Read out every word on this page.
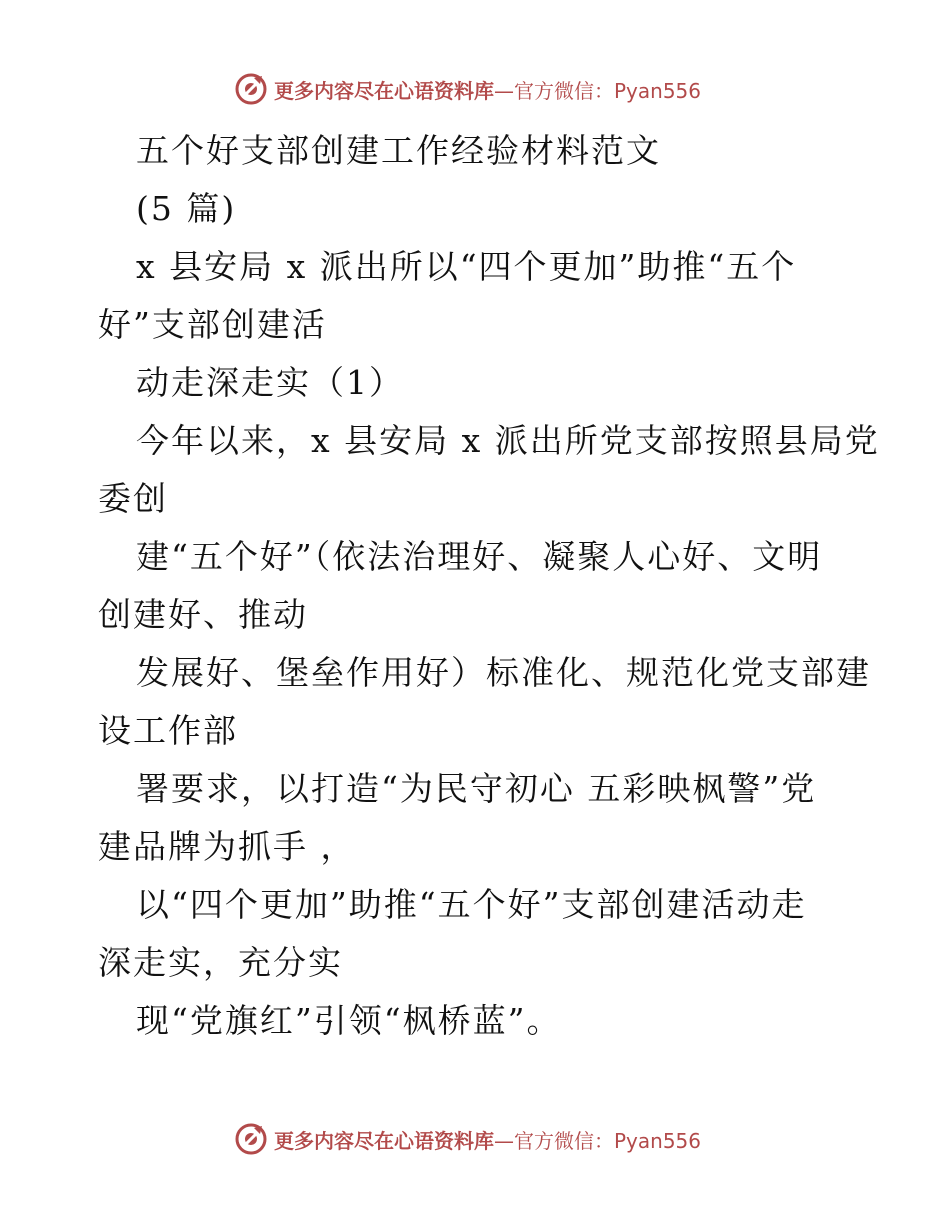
更多内容尽在心语资料库—官方微信：Pyan556
五个好支部创建工作经验材料范文
(5 篇)
x 县安局 x 派出所以“四个更加”助推“五个
好”支部创建活
动走深走实（1）
今年以来，x 县安局 x 派出所党支部按照县局党
委创
建“五个好”（依法治理好、凝聚人心好、文明
创建好、推动
发展好、堡垒作用好）标准化、规范化党支部建
设工作部
署要求，以打造“为民守初心 五彩映枫警”党
建品牌为抓手 ，
以“四个更加”助推“五个好”支部创建活动走
深走实，充分实
现“党旗红”引领“枫桥蓝”。
更多内容尽在心语资料库—官方微信：Pyan556
